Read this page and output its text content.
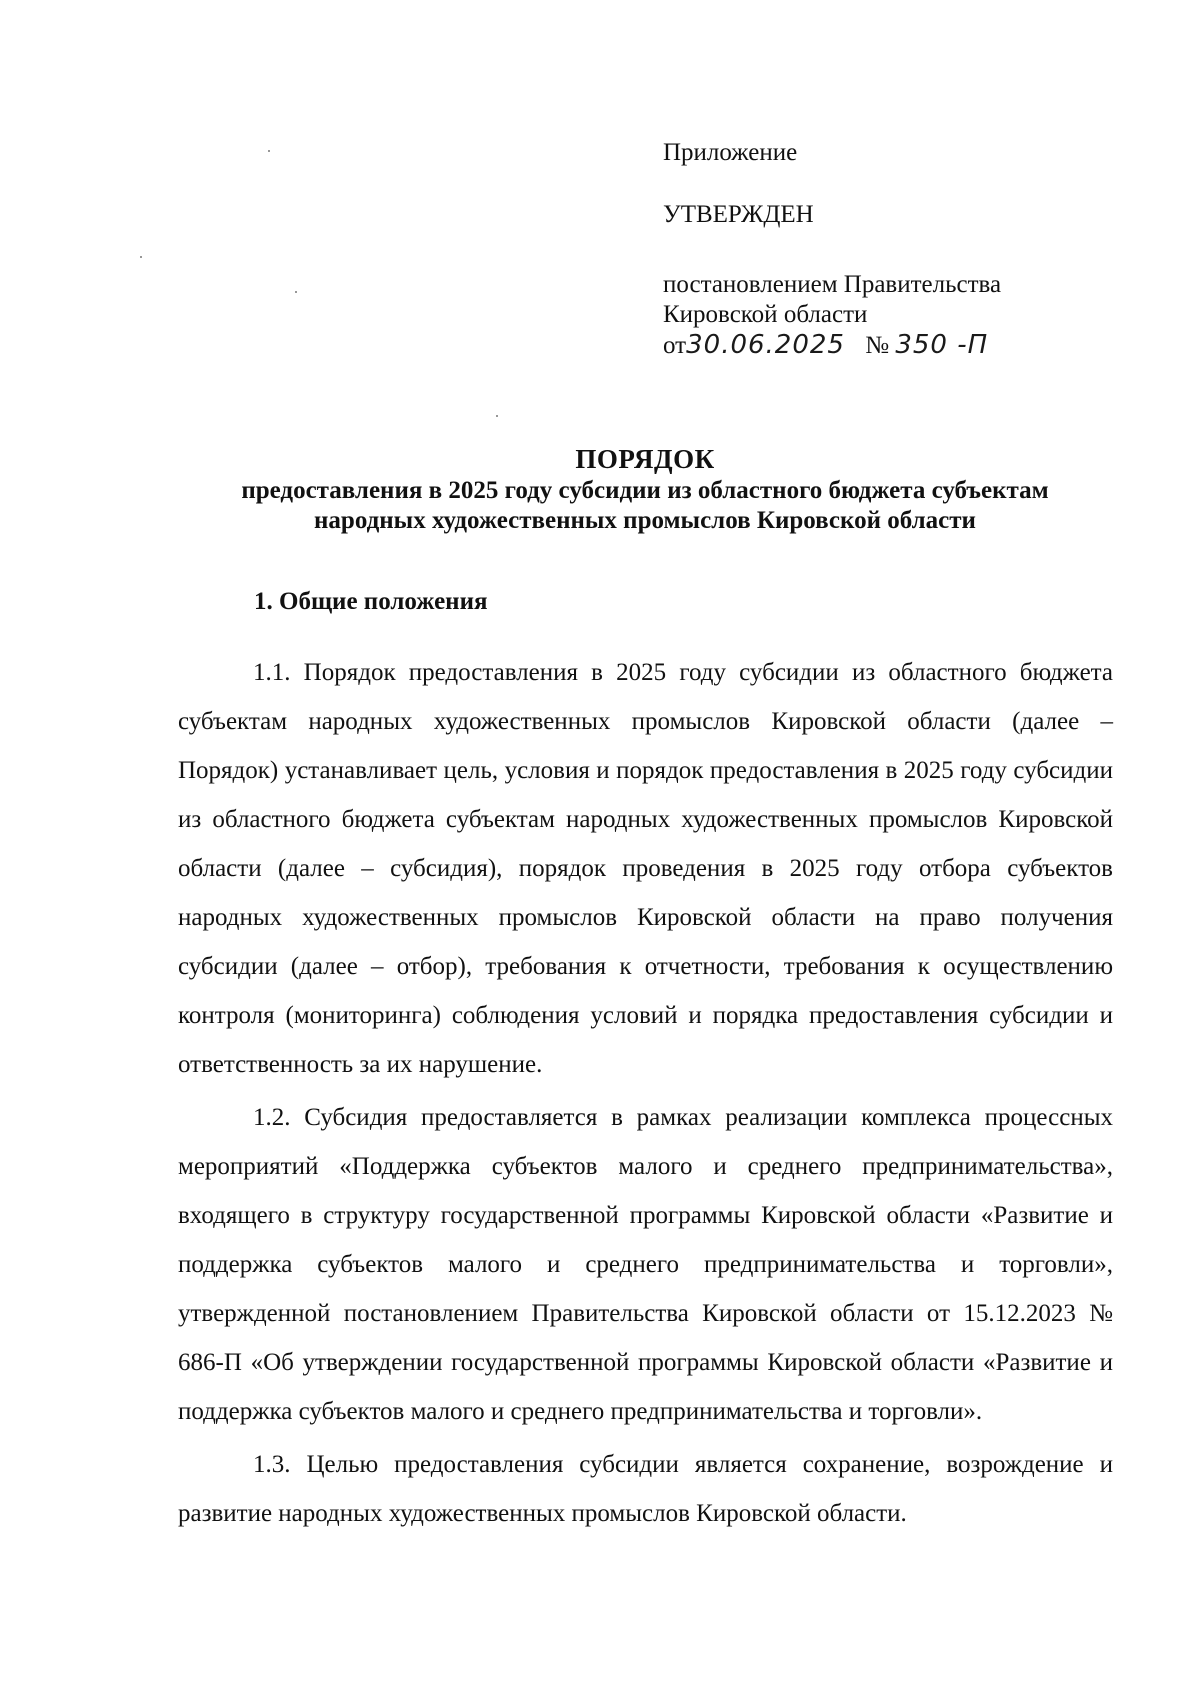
Приложение
УТВЕРЖДЕН
постановлением Правительства
Кировской области
от30.06.2025 № 350 -П
ПОРЯДОК
предоставления в 2025 году субсидии из областного бюджета субъектам
народных художественных промыслов Кировской области
1. Общие положения

1.1. Порядок предоставления в 2025 году субсидии из областного бюджета субъектам народных художественных промыслов Кировской области (далее – Порядок) устанавливает цель, условия и порядок предоставления в 2025 году субсидии из областного бюджета субъектам народных художественных промыслов Кировской области (далее – субсидия), порядок проведения в 2025 году отбора субъектов народных художественных промыслов Кировской области на право получения субсидии (далее – отбор), требования к отчетности, требования к осуществлению контроля (мониторинга) соблюдения условий и порядка предоставления субсидии и ответственность за их нарушение.

1.2. Субсидия предоставляется в рамках реализации комплекса процессных мероприятий «Поддержка субъектов малого и среднего предпринимательства», входящего в структуру государственной программы Кировской области «Развитие и поддержка субъектов малого и среднего предпринимательства и торговли», утвержденной постановлением Правительства Кировской области от 15.12.2023 № 686-П «Об утверждении государственной программы Кировской области «Развитие и поддержка субъектов малого и среднего предпринимательства и торговли».

1.3. Целью предоставления субсидии является сохранение, возрождение и развитие народных художественных промыслов Кировской области.
